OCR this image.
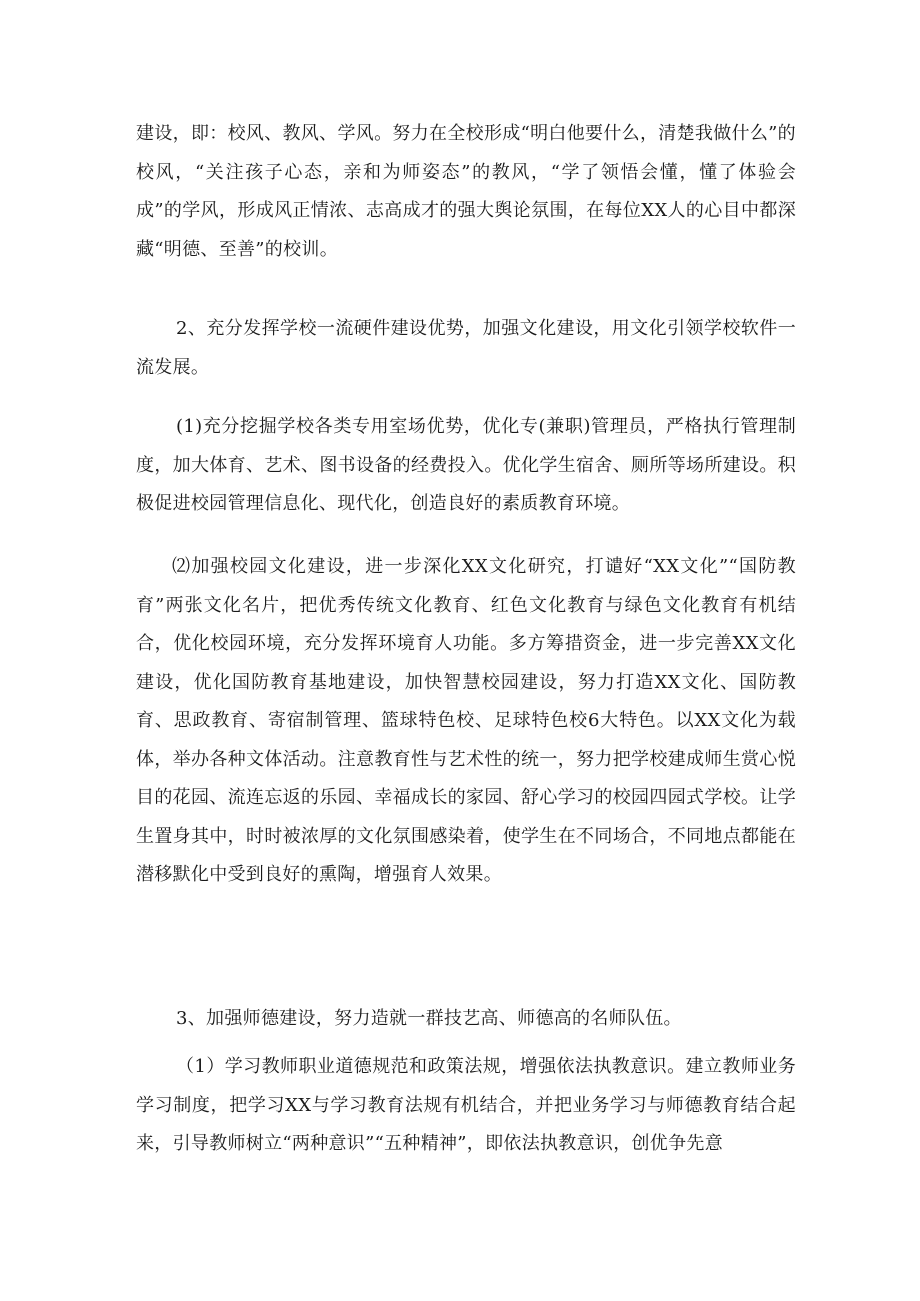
建设，即：校风、教风、学风。努力在全校形成“明白他要什么，清楚我做什么”的校风，“关注孩子心态，亲和为师姿态”的教风，“学了领悟会懂，懂了体验会成”的学风，形成风正情浓、志高成才的强大舆论氛围，在每位XX人的心目中都深藏“明德、至善”的校训。

2、充分发挥学校一流硬件建设优势，加强文化建设，用文化引领学校软件一流发展。

(1)充分挖掘学校各类专用室场优势，优化专(兼职)管理员，严格执行管理制度，加大体育、艺术、图书设备的经费投入。优化学生宿舍、厕所等场所建设。积极促进校园管理信息化、现代化，创造良好的素质教育环境。

⑵加强校园文化建设，进一步深化XX文化研究，打谴好“XX文化”“国防教育”两张文化名片，把优秀传统文化教育、红色文化教育与绿色文化教育有机结合，优化校园环境，充分发挥环境育人功能。多方筹措资金，进一步完善XX文化建设，优化国防教育基地建设，加快智慧校园建设，努力打造XX文化、国防教育、思政教育、寄宿制管理、篮球特色校、足球特色校6大特色。以XX文化为载体，举办各种文体活动。注意教育性与艺术性的统一，努力把学校建成师生赏心悦目的花园、流连忘返的乐园、幸福成长的家园、舒心学习的校园四园式学校。让学生置身其中，时时被浓厚的文化氛围感染着，使学生在不同场合，不同地点都能在潜移默化中受到良好的熏陶，增强育人效果。

3、加强师德建设，努力造就一群技艺高、师德高的名师队伍。

（1）学习教师职业道德规范和政策法规，增强依法执教意识。建立教师业务学习制度，把学习XX与学习教育法规有机结合，并把业务学习与师德教育结合起来，引导教师树立“两种意识”“五种精神”，即依法执教意识，创优争先意
